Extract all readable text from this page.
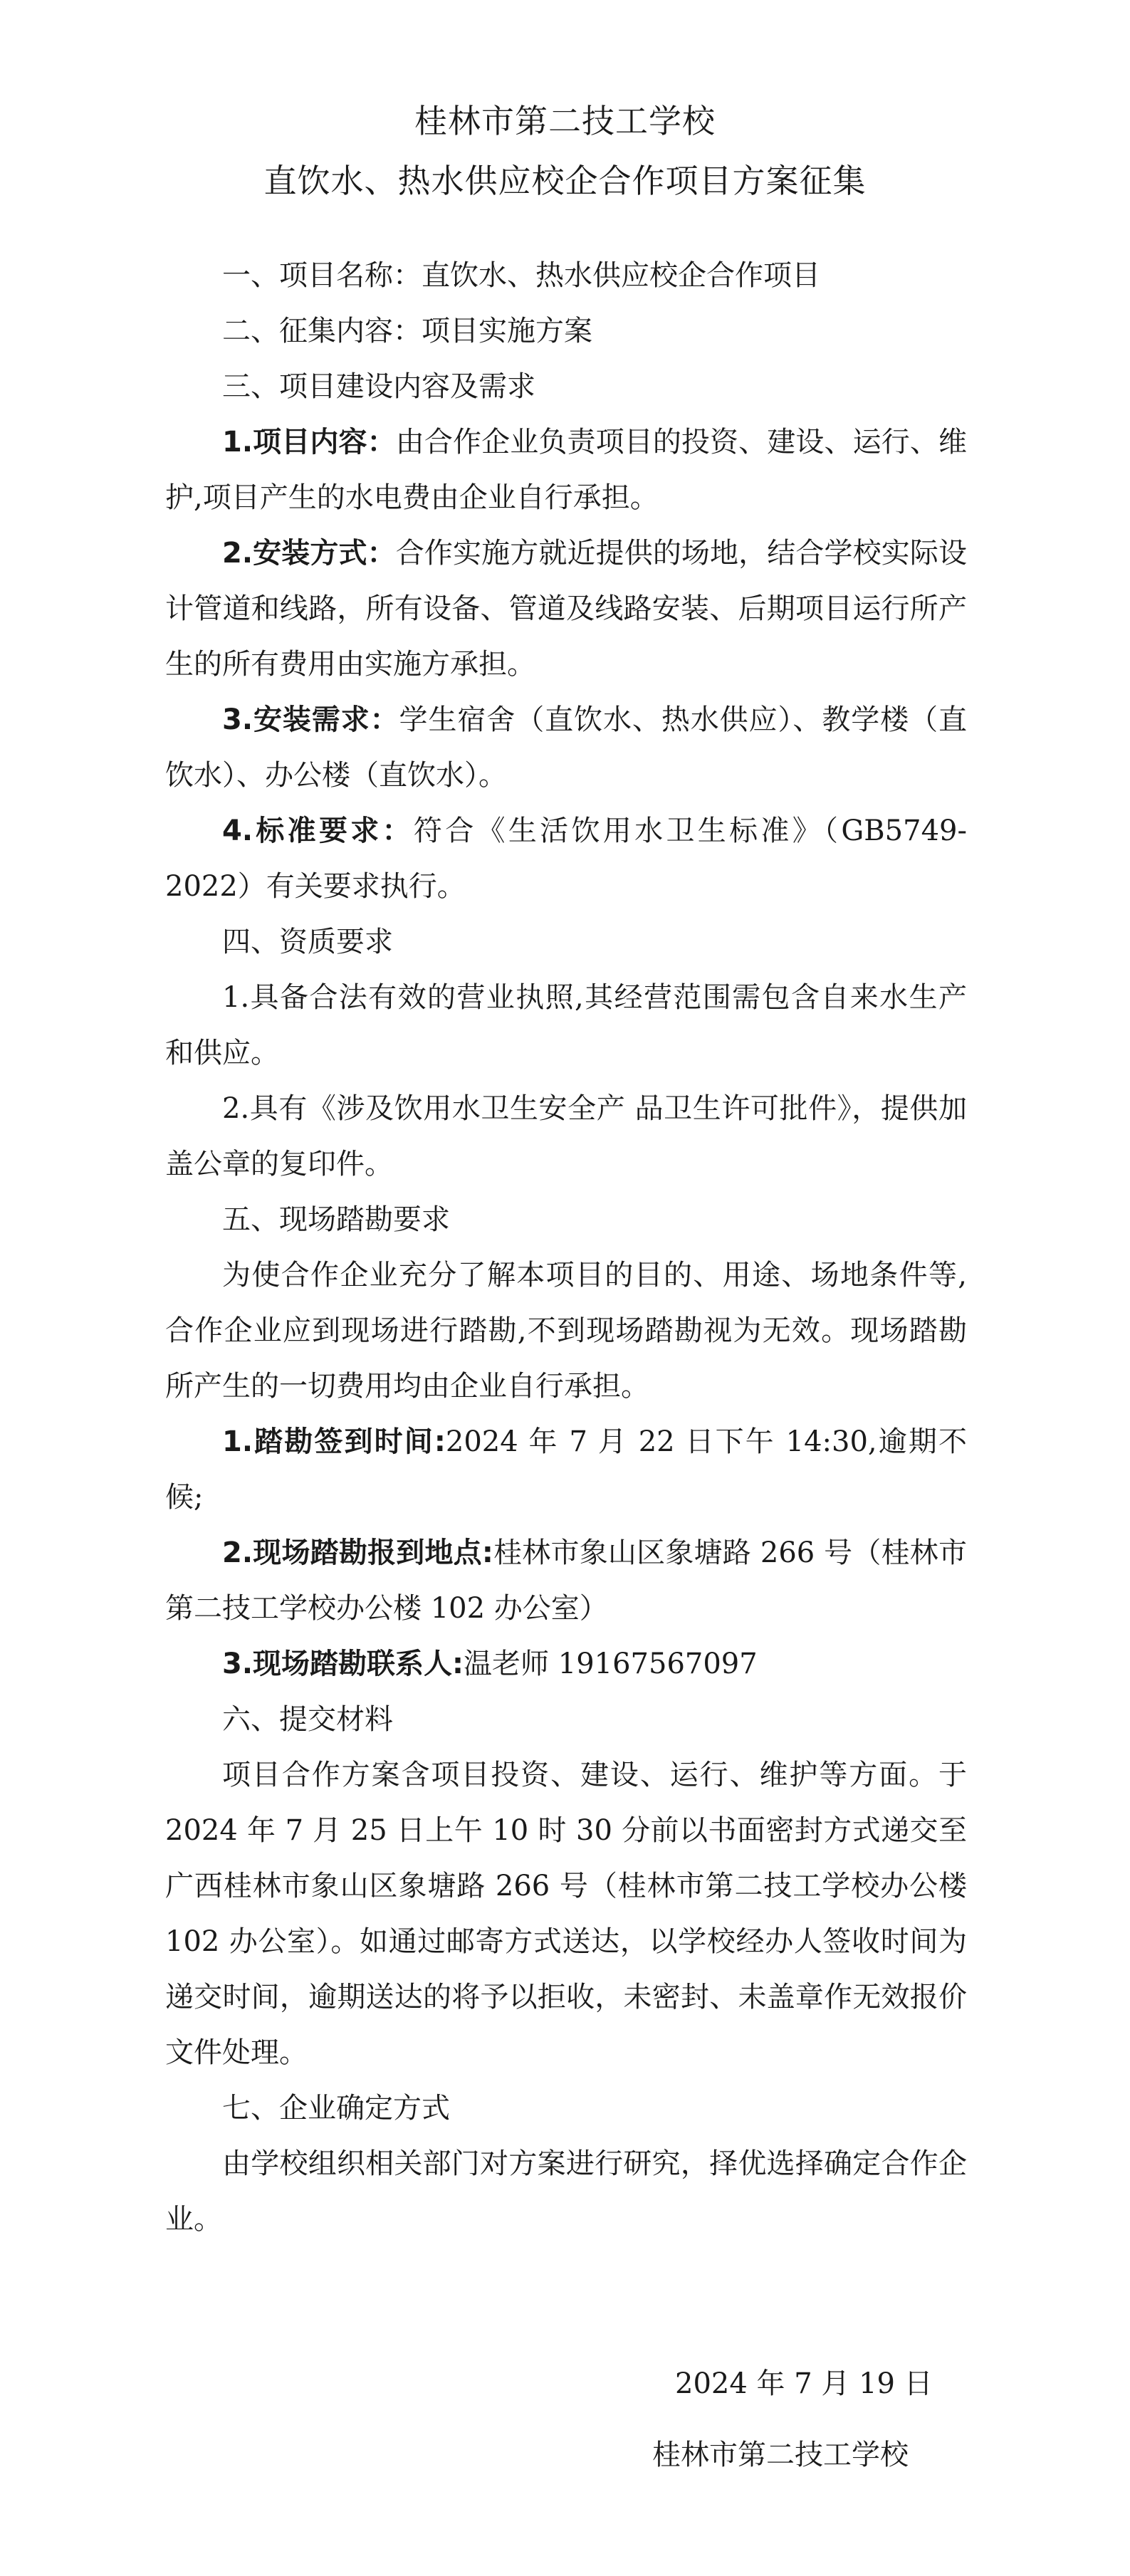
桂林市第二技工学校
直饮水、热水供应校企合作项目方案征集

一、项目名称：直饮水、热水供应校企合作项目

二、征集内容：项目实施方案

三、项目建设内容及需求

1.项目内容：由合作企业负责项目的投资、建设、运行、维护,项目产生的水电费由企业自行承担。

2.安装方式：合作实施方就近提供的场地，结合学校实际设计管道和线路，所有设备、管道及线路安装、后期项目运行所产生的所有费用由实施方承担。

3.安装需求：学生宿舍（直饮水、热水供应）、教学楼（直饮水）、办公楼（直饮水）。

4.标准要求：符合《生活饮用水卫生标准》（GB5749-2022）有关要求执行。

四、资质要求

1.具备合法有效的营业执照,其经营范围需包含自来水生产和供应。

2.具有《涉及饮用水卫生安全产 品卫生许可批件》，提供加盖公章的复印件。

五、现场踏勘要求

为使合作企业充分了解本项目的目的、用途、场地条件等,合作企业应到现场进行踏勘,不到现场踏勘视为无效。现场踏勘所产生的一切费用均由企业自行承担。

1.踏勘签到时间:2024 年 7 月 22 日下午 14:30,逾期不候;

2.现场踏勘报到地点:桂林市象山区象塘路 266 号（桂林市第二技工学校办公楼 102 办公室）

3.现场踏勘联系人:温老师 19167567097

六、提交材料

项目合作方案含项目投资、建设、运行、维护等方面。于2024 年 7 月 25 日上午 10 时 30 分前以书面密封方式递交至广西桂林市象山区象塘路 266 号（桂林市第二技工学校办公楼 102 办公室）。如通过邮寄方式送达，以学校经办人签收时间为递交时间，逾期送达的将予以拒收，未密封、未盖章作无效报价文件处理。

七、企业确定方式

由学校组织相关部门对方案进行研究，择优选择确定合作企业。

2024 年 7 月 19 日
桂林市第二技工学校
